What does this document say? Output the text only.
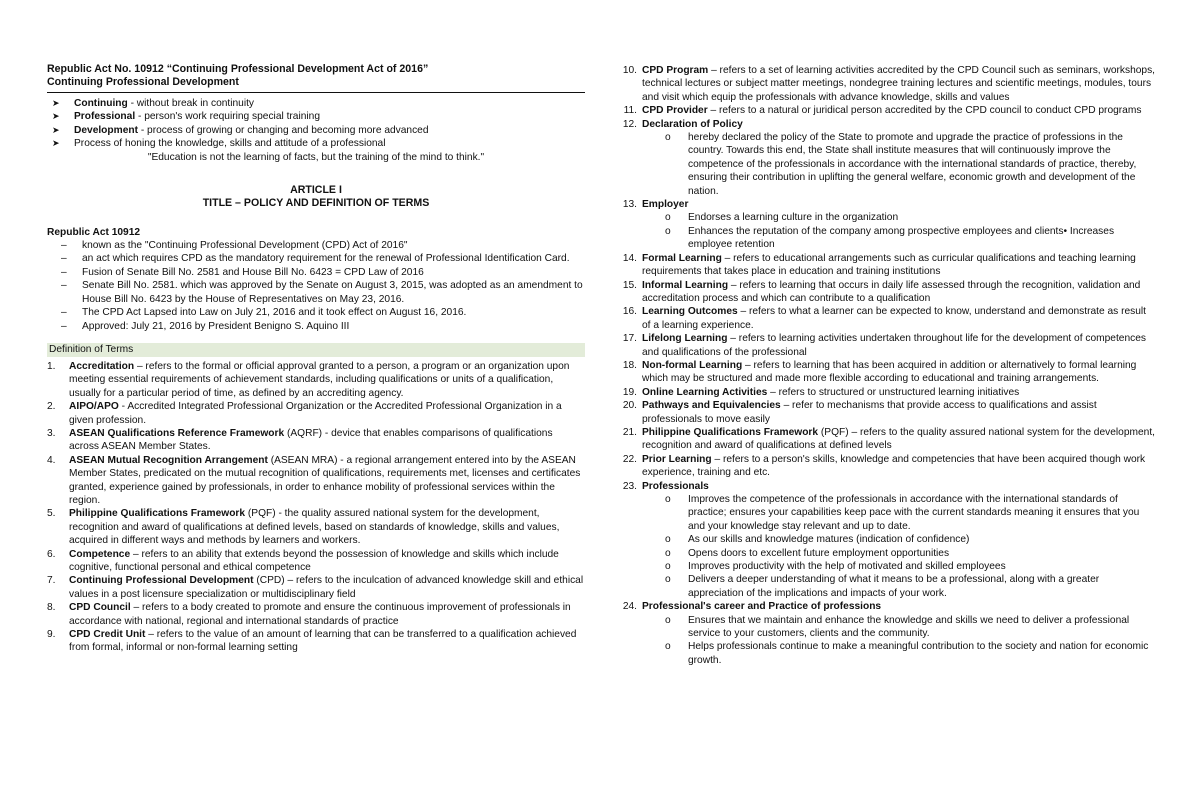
Republic Act No. 10912 “Continuing Professional Development Act of 2016”
Continuing Professional Development
➤ Continuing - without break in continuity
➤ Professional - person's work requiring special training
➤ Development - process of growing or changing and becoming more advanced
➤ Process of honing the knowledge, skills and attitude of a professional
"Education is not the learning of facts, but the training of the mind to think."
ARTICLE I
TITLE – POLICY AND DEFINITION OF TERMS
Republic Act 10912
– known as the "Continuing Professional Development (CPD) Act of 2016"
– an act which requires CPD as the mandatory requirement for the renewal of Professional Identification Card.
– Fusion of Senate Bill No. 2581 and House Bill No. 6423 = CPD Law of 2016
– Senate Bill No. 2581. which was approved by the Senate on August 3, 2015, was adopted as an amendment to House Bill No. 6423 by the House of Representatives on May 23, 2016.
– The CPD Act Lapsed into Law on July 21, 2016 and it took effect on August 16, 2016.
– Approved: July 21, 2016 by President Benigno S. Aquino III
Definition of Terms
1. Accreditation – refers to the formal or official approval granted to a person, a program or an organization upon meeting essential requirements of achievement standards, including qualifications or units of a qualification, usually for a particular period of time, as defined by an accrediting agency.
2. AIPO/APO - Accredited Integrated Professional Organization or the Accredited Professional Organization in a given profession.
3. ASEAN Qualifications Reference Framework (AQRF) - device that enables comparisons of qualifications across ASEAN Member States.
4. ASEAN Mutual Recognition Arrangement (ASEAN MRA) - a regional arrangement entered into by the ASEAN Member States, predicated on the mutual recognition of qualifications, requirements met, licenses and certificates granted, experience gained by professionals, in order to enhance mobility of professional services within the region.
5. Philippine Qualifications Framework (PQF) - the quality assured national system for the development, recognition and award of qualifications at defined levels, based on standards of knowledge, skills and values, acquired in different ways and methods by learners and workers.
6. Competence – refers to an ability that extends beyond the possession of knowledge and skills which include cognitive, functional personal and ethical competence
7. Continuing Professional Development (CPD) – refers to the inculcation of advanced knowledge skill and ethical values in a post licensure specialization or multidisciplinary field
8. CPD Council – refers to a body created to promote and ensure the continuous improvement of professionals in accordance with national, regional and international standards of practice
9. CPD Credit Unit – refers to the value of an amount of learning that can be transferred to a qualification achieved from formal, informal or non-formal learning setting
10. CPD Program – refers to a set of learning activities accredited by the CPD Council such as seminars, workshops, technical lectures or subject matter meetings, nondegree training lectures and scientific meetings, modules, tours and visit which equip the professionals with advance knowledge, skills and values
11. CPD Provider – refers to a natural or juridical person accredited by the CPD council to conduct CPD programs
12. Declaration of Policy
o hereby declared the policy of the State to promote and upgrade the practice of professions in the country. Towards this end, the State shall institute measures that will continuously improve the competence of the professionals in accordance with the international standards of practice, thereby, ensuring their contribution in uplifting the general welfare, economic growth and development of the nation.
13. Employer
o Endorses a learning culture in the organization
o Enhances the reputation of the company among prospective employees and clients• Increases employee retention
14. Formal Learning – refers to educational arrangements such as curricular qualifications and teaching learning requirements that takes place in education and training institutions
15. Informal Learning – refers to learning that occurs in daily life assessed through the recognition, validation and accreditation process and which can contribute to a qualification
16. Learning Outcomes – refers to what a learner can be expected to know, understand and demonstrate as result of a learning experience.
17. Lifelong Learning – refers to learning activities undertaken throughout life for the development of competences and qualifications of the professional
18. Non-formal Learning – refers to learning that has been acquired in addition or alternatively to formal learning which may be structured and made more flexible according to educational and training arrangements.
19. Online Learning Activities – refers to structured or unstructured learning initiatives
20. Pathways and Equivalencies – refer to mechanisms that provide access to qualifications and assist professionals to move easily
21. Philippine Qualifications Framework (PQF) – refers to the quality assured national system for the development, recognition and award of qualifications at defined levels
22. Prior Learning – refers to a person's skills, knowledge and competencies that have been acquired though work experience, training and etc.
23. Professionals
o Improves the competence of the professionals in accordance with the international standards of practice; ensures your capabilities keep pace with the current standards meaning it ensures that you and your knowledge stay relevant and up to date.
o As our skills and knowledge matures (indication of confidence)
o Opens doors to excellent future employment opportunities
o Improves productivity with the help of motivated and skilled employees
o Delivers a deeper understanding of what it means to be a professional, along with a greater appreciation of the implications and impacts of your work.
24. Professional's career and Practice of professions
o Ensures that we maintain and enhance the knowledge and skills we need to deliver a professional service to your customers, clients and the community.
o Helps professionals continue to make a meaningful contribution to the society and nation for economic growth.
